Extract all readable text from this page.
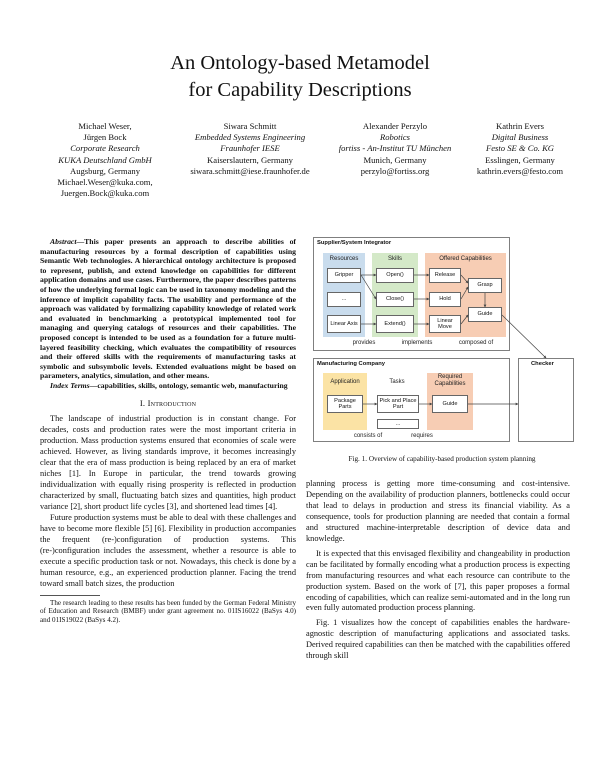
An Ontology-based Metamodel
for Capability Descriptions
Michael Weser,
Jürgen Bock
Corporate Research
KUKA Deutschland GmbH
Augsburg, Germany
Michael.Weser@kuka.com,
Juergen.Bock@kuka.com
Siwara Schmitt
Embedded Systems Engineering
Fraunhofer IESE
Kaiserslautern, Germany
siwara.schmitt@iese.fraunhofer.de
Alexander Perzylo
Robotics
fortiss - An-Institut TU München
Munich, Germany
perzylo@fortiss.org
Kathrin Evers
Digital Business
Festo SE & Co. KG
Esslingen, Germany
kathrin.evers@festo.com

Abstract—This paper presents an approach to describe abilities of manufacturing resources by a formal description of capabilities using Semantic Web technologies. A hierarchical ontology architecture is proposed to represent, publish, and extend knowledge on capabilities for different application domains and use cases. Furthermore, the paper describes patterns of how the underlying formal logic can be used in taxonomy modeling and the inference of implicit capability facts. The usability and performance of the approach was validated by formalizing capability knowledge of related work and evaluated in benchmarking a prototypical implemented tool for managing and querying catalogs of resources and their capabilities. The proposed concept is intended to be used as a foundation for a future multi-layered feasibility checking, which evaluates the compatibility of resources and their offered skills with the requirements of manufacturing tasks at symbolic and subsymbolic levels. Extended evaluations might be based on parameters, analytics, simulation, and other means.

Index Terms—capabilities, skills, ontology, semantic web, manufacturing

I. Introduction

The landscape of industrial production is in constant change. For decades, costs and production rates were the most important criteria in production. Mass production systems ensured that economies of scale were achieved. However, as living standards improve, it becomes increasingly clear that the era of mass production is being replaced by an era of market niches [1]. In Europe in particular, the trend towards growing individualization with equally rising prosperity is reflected in production characterized by small, fluctuating batch sizes and quantities, high product variance [2], short product life cycles [3], and shortened lead times [4].

Future production systems must be able to deal with these challenges and have to become more flexible [5] [6]. Flexibility in production accompanies the frequent (re-)configuration of production systems. This (re-)configuration includes the assessment, whether a resource is able to execute a specific production task or not. Nowadays, this check is done by a human resource, e.g., an experienced production planner. Facing the trend toward small batch sizes, the production

The research leading to these results has been funded by the German Federal Ministry of Education and Research (BMBF) under grant agreement no. 01IS16022 (BaSys 4.0) and 01IS19022 (BaSys 4.2).

Supplier/System Integrator
Resources
Gripper
...
Linear Axis
Skills
Open()
Close()
Extend()
Offered Capabilities
Release
Hold
Linear Move
Grasp
Guide
provides	implements	composed of
Manufacturing Company
Application
Package Parts
Tasks
Pick and Place Part
...
Required Capabilities
Guide
consists of	requires
Checker
Fig. 1. Overview of capability-based production system planning

planning process is getting more time-consuming and cost-intensive. Depending on the availability of production planners, bottlenecks could occur that lead to delays in production and stress its financial viability. As a consequence, tools for production planning are needed that contain a formal and structured machine-interpretable description of device data and knowledge.

It is expected that this envisaged flexibility and changeability in production can be facilitated by formally encoding what a production process is expecting from manufacturing resources and what each resource can contribute to the production system. Based on the work of [7], this paper proposes a formal encoding of capabilities, which can realize semi-automated and in the long run even fully automated production process planning.

Fig. 1 visualizes how the concept of capabilities enables the hardware-agnostic description of manufacturing applications and associated tasks. Derived required capabilities can then be matched with the capabilities offered through skill
